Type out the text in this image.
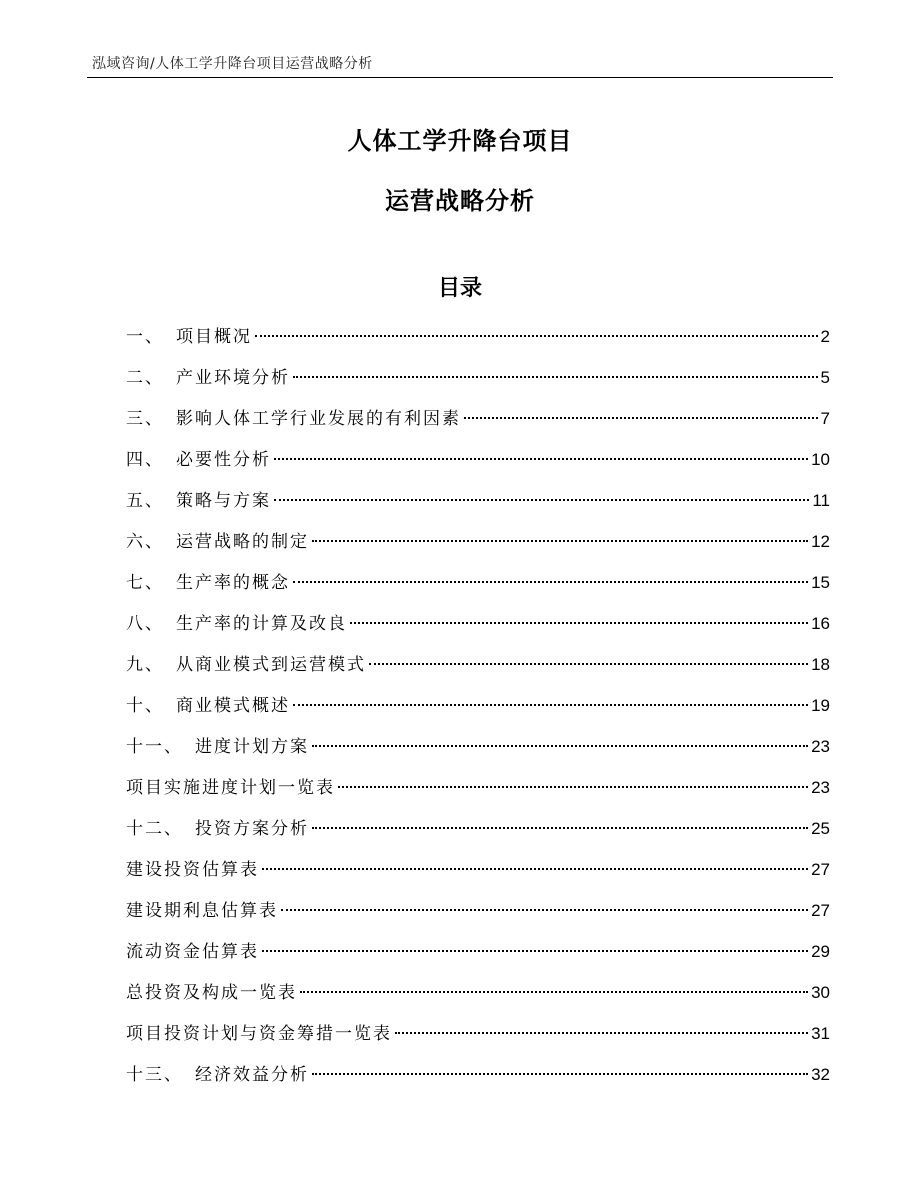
泓域咨询/人体工学升降台项目运营战略分析
人体工学升降台项目
运营战略分析
目录
一、 项目概况	2
二、 产业环境分析	5
三、 影响人体工学行业发展的有利因素	7
四、 必要性分析	10
五、 策略与方案	11
六、 运营战略的制定	12
七、 生产率的概念	15
八、 生产率的计算及改良	16
九、 从商业模式到运营模式	18
十、 商业模式概述	19
十一、 进度计划方案	23
项目实施进度计划一览表	23
十二、 投资方案分析	25
建设投资估算表	27
建设期利息估算表	27
流动资金估算表	29
总投资及构成一览表	30
项目投资计划与资金筹措一览表	31
十三、 经济效益分析	32
